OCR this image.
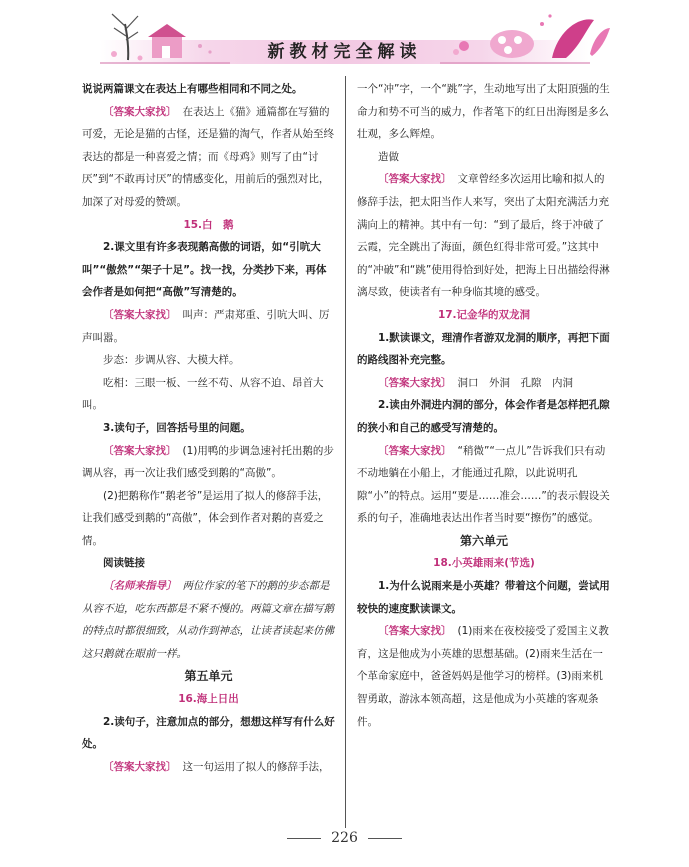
新教材完全解读

说说两篇课文在表达上有哪些相同和不同之处。

〔答案大家找〕 在表达上《猫》通篇都在写猫的可爱，无论是猫的古怪，还是猫的淘气，作者从始至终表达的都是一种喜爱之情；而《母鸡》则写了由“讨厌”到“不敢再讨厌”的情感变化，用前后的强烈对比，加深了对母爱的赞颂。

15.白　鹅

2.课文里有许多表现鹅高傲的词语，如“引吭大叫”“傲然”“架子十足”。找一找，分类抄下来，再体会作者是如何把“高傲”写清楚的。

〔答案大家找〕 叫声：严肃郑重、引吭大叫、厉声叫嚣。

步态：步调从容、大模大样。

吃相：三眼一板、一丝不苟、从容不迫、昂首大叫。

3.读句子，回答括号里的问题。

〔答案大家找〕 (1)用鸭的步调急速衬托出鹅的步调从容，再一次让我们感受到鹅的“高傲”。

(2)把鹅称作“鹅老爷”是运用了拟人的修辞手法，让我们感受到鹅的“高傲”，体会到作者对鹅的喜爱之情。

阅读链接

〔名师来指导〕 两位作家的笔下的鹅的步态都是从容不迫，吃东西都是不紧不慢的。两篇文章在描写鹅的特点时都很细致，从动作到神态，让读者读起来仿佛这只鹅就在眼前一样。

第五单元

16.海上日出

2.读句子，注意加点的部分，想想这样写有什么好处。

〔答案大家找〕 这一句运用了拟人的修辞手法，

一个“冲”字，一个“跳”字，生动地写出了太阳頂强的生命力和势不可当的威力，作者笔下的红日出海图是多么壮观，多么辉煌。

造做

〔答案大家找〕 文章曾经多次运用比喻和拟人的修辞手法，把太阳当作人来写，突出了太阳充满活力充满向上的精神。其中有一句：“到了最后，终于冲破了云霞，完全跳出了海面，颜色红得非常可爱。”这其中的“冲破”和“跳”使用得恰到好处，把海上日出描绘得淋漓尽致，使读者有一种身临其境的感受。

17.记金华的双龙洞

1.默读课文，理清作者游双龙洞的顺序，再把下面的路线图补充完整。

〔答案大家找〕 洞口　外洞　孔隙　内洞

2.读由外洞进内洞的部分，体会作者是怎样把孔隙的狭小和自己的感受写清楚的。

〔答案大家找〕 “稍微”“一点儿”告诉我们只有动不动地躺在小船上，才能通过孔隙，以此说明孔隙“小”的特点。运用“要是……准会……”的表示假设关系的句子，准确地表达出作者当时要“擦伤”的感觉。

第六单元

18.小英雄雨来(节选)

1.为什么说雨来是小英雄？带着这个问题，尝试用较快的速度默读课文。

〔答案大家找〕 (1)雨来在夜校接受了爱国主义教育，这是他成为小英雄的思想基础。(2)雨来生活在一个革命家庭中，爸爸妈妈是他学习的榜样。(3)雨来机智勇敢，游泳本领高超，这是他成为小英雄的客观条件。

226
